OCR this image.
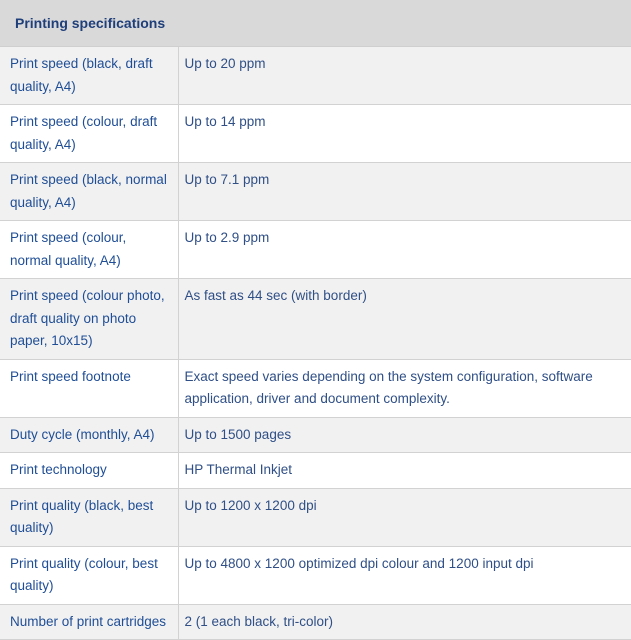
Printing specifications	
Print speed (black, draft quality, A4)	Up to 20 ppm
Print speed (colour, draft quality, A4)	Up to 14 ppm
Print speed (black, normal quality, A4)	Up to 7.1 ppm
Print speed (colour, normal quality, A4)	Up to 2.9 ppm
Print speed (colour photo, draft quality on photo paper, 10x15)	As fast as 44 sec (with border)
Print speed footnote	Exact speed varies depending on the system configuration, software application, driver and document complexity.
Duty cycle (monthly, A4)	Up to 1500 pages
Print technology	HP Thermal Inkjet
Print quality (black, best quality)	Up to 1200 x 1200 dpi
Print quality (colour, best quality)	Up to 4800 x 1200 optimized dpi colour and 1200 input dpi
Number of print cartridges	2 (1 each black, tri-color)
